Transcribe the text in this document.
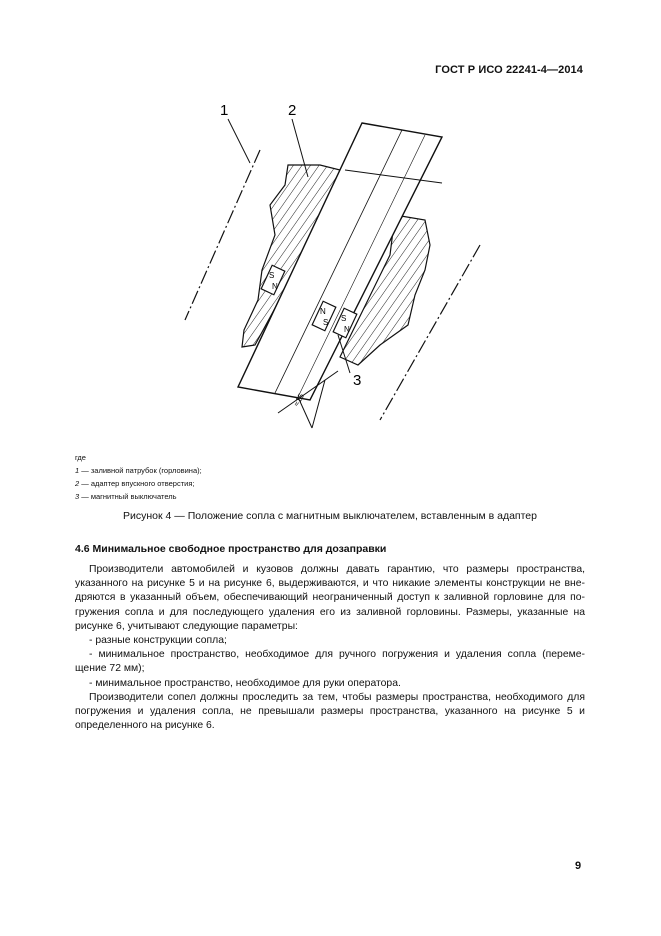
ГОСТ Р ИСО 22241-4—2014
S
N
N
S S
N
1	2
3
≈15
где
1 — заливной патрубок (горловина);
2 — адаптер впускного отверстия;
3 — магнитный выключатель
Рисунок 4 — Положение сопла с магнитным выключателем, вставленным в адаптер
4.6 Минимальное свободное пространство для дозаправки

Производители автомобилей и кузовов должны давать гарантию, что размеры пространства, указанного на рисунке 5 и на рисунке 6, выдерживаются, и что никакие элементы конструкции не вне-дряются в указанный объем, обеспечивающий неограниченный доступ к заливной горловине для по-гружения сопла и для последующего удаления его из заливной горловины. Размеры, указанные на рисунке 6, учитывают следующие параметры:

- разные конструкции сопла;

- минимальное пространство, необходимое для ручного погружения и удаления сопла (переме-щение 72 мм);

- минимальное пространство, необходимое для руки оператора.

Производители сопел должны проследить за тем, чтобы размеры пространства, необходимого для погружения и удаления сопла, не превышали размеры пространства, указанного на рисунке 5 и определенного на рисунке 6.

9
